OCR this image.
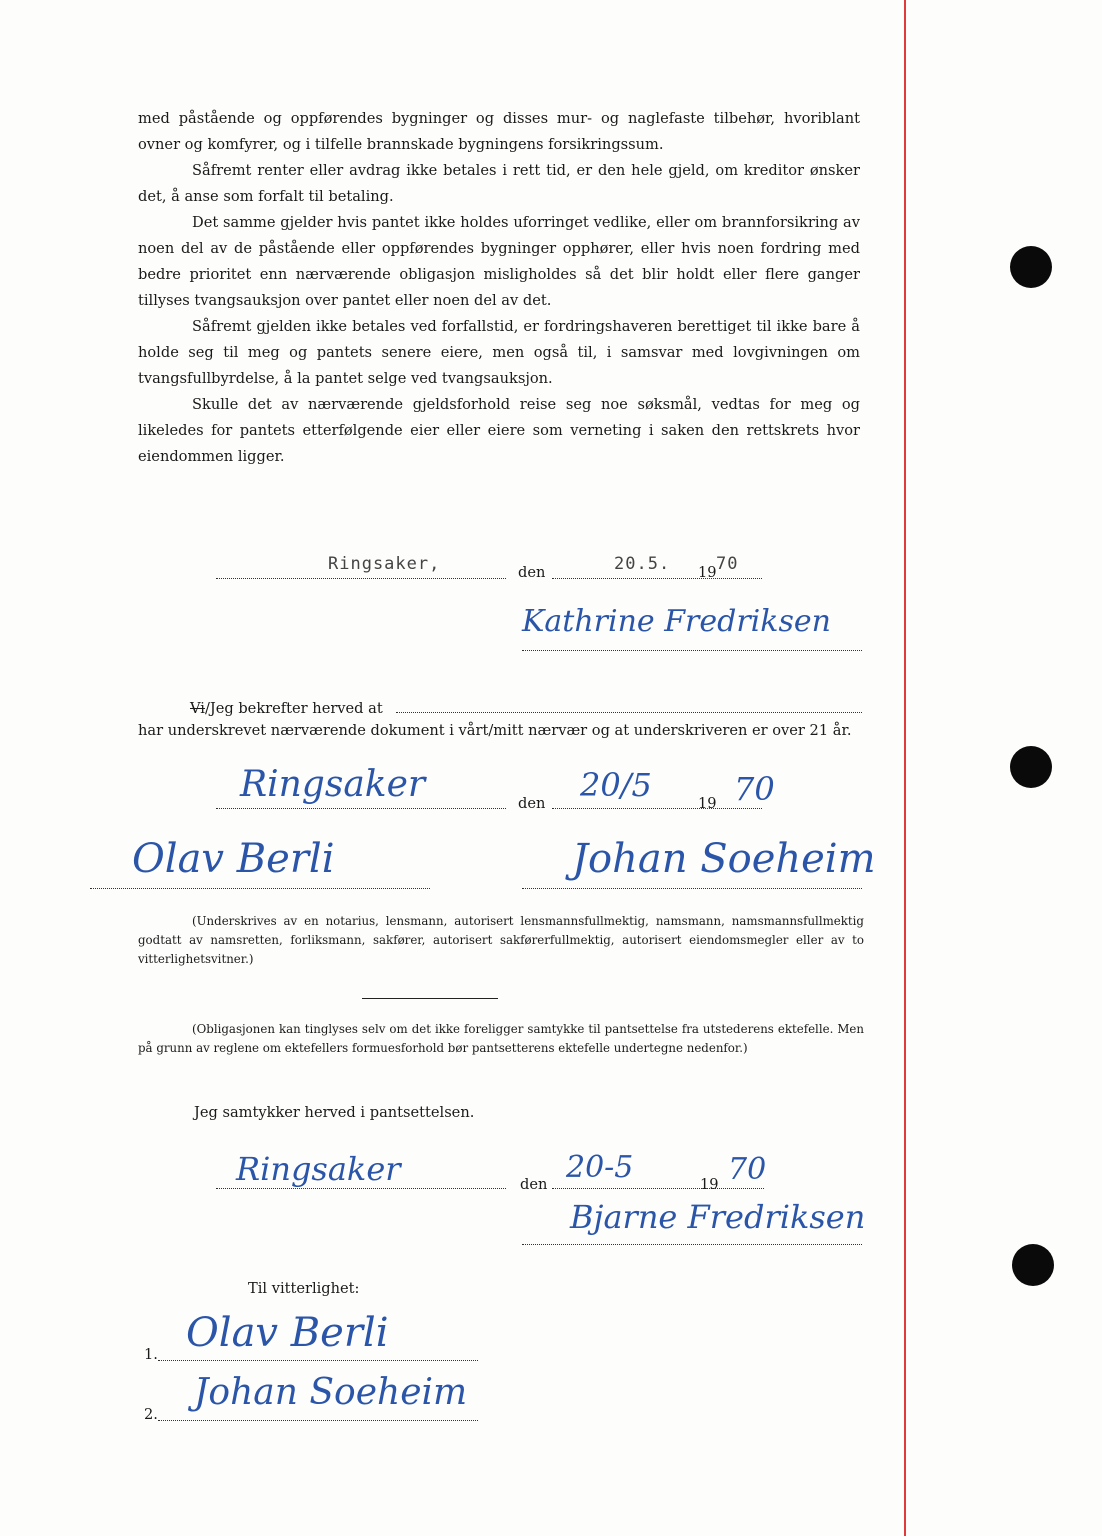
med påstående og oppførendes bygninger og disses mur- og naglefaste tilbehør, hvoriblant ovner og komfyrer, og i tilfelle brannskade bygningens forsikringssum.

Såfremt renter eller avdrag ikke betales i rett tid, er den hele gjeld, om kreditor ønsker det, å anse som forfalt til betaling.

Det samme gjelder hvis pantet ikke holdes uforringet vedlike, eller om brannforsikring av noen del av de påstående eller oppførendes bygninger opphører, eller hvis noen fordring med bedre prioritet enn nærværende obligasjon misligholdes så det blir holdt eller flere ganger tillyses tvangsauksjon over pantet eller noen del av det.

Såfremt gjelden ikke betales ved forfallstid, er fordringshaveren berettiget til ikke bare å holde seg til meg og pantets senere eiere, men også til, i samsvar med lovgivningen om tvangsfullbyrdelse, å la pantet selge ved tvangsauksjon.

Skulle det av nærværende gjeldsforhold reise seg noe søksmål, vedtas for meg og likeledes for pantets etterfølgende eier eller eiere som verneting i saken den rettskrets hvor eiendommen ligger.

Ringsaker,	den	20.5. 19 70
Kathrine Fredriksen
Vi/Jeg bekrefter herved at
har underskrevet nærværende dokument i vårt/mitt nærvær og at underskriveren er over 21 år.
Ringsaker	den 20/5	19 70
Olav Berli	Johan Soeheim

(Underskrives av en notarius, lensmann, autorisert lensmannsfullmektig, namsmann, namsmannsfullmektig godtatt av namsretten, forliksmann, sakfører, autorisert sakførerfullmektig, autorisert eiendomsmegler eller av to vitterlighetsvitner.)

(Obligasjonen kan tinglyses selv om det ikke foreligger samtykke til pantsettelse fra utstederens ektefelle. Men på grunn av reglene om ektefellers formuesforhold bør pantsetterens ektefelle undertegne nedenfor.)

Jeg samtykker herved i pantsettelsen.
Ringsaker	den 20-5	19 70
Bjarne Fredriksen
Til vitterlighet:
1. Olav Berli
2.
Johan Soeheim
